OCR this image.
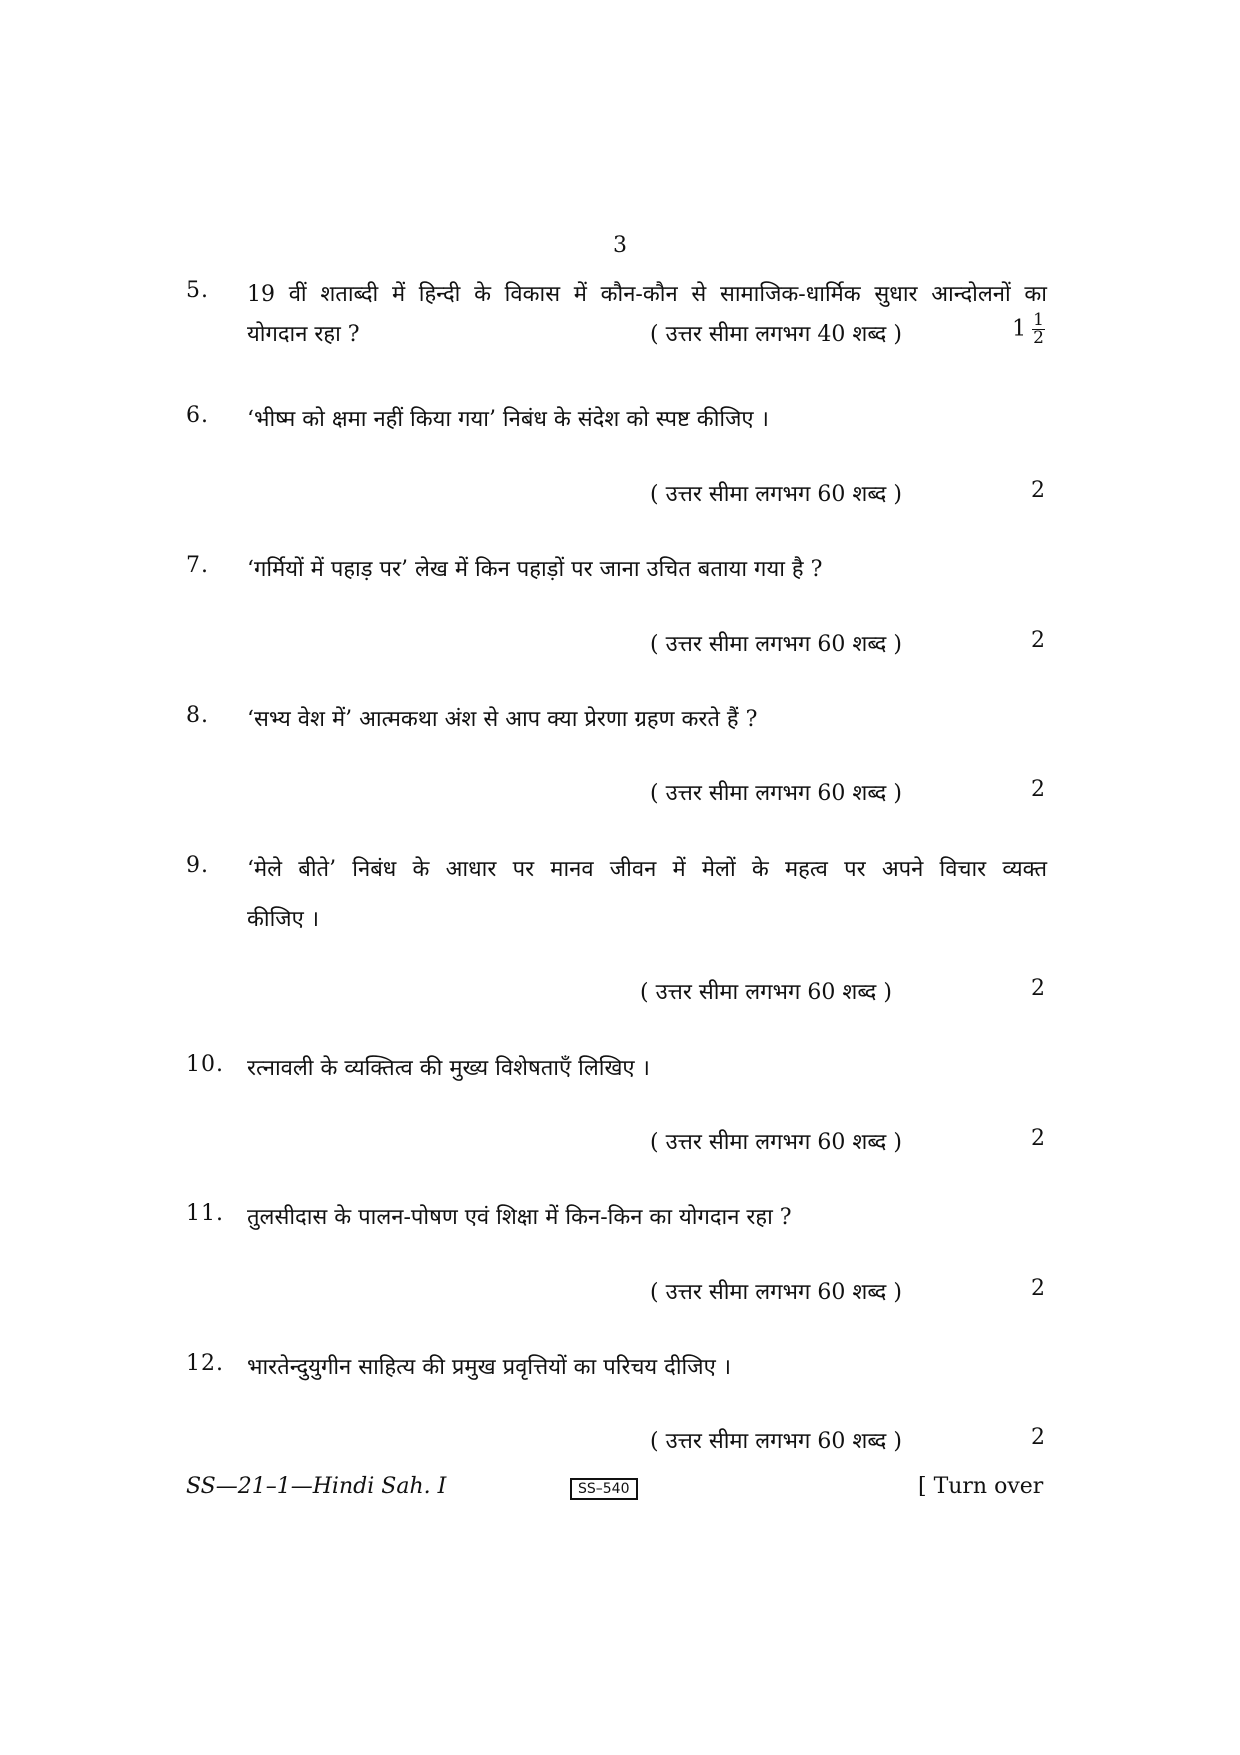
3
5. 19 वीं शताब्दी में हिन्दी के विकास में कौन-कौन से सामाजिक-धार्मिक सुधार आन्दोलनों का
योगदान रहा ?	( उत्तर सीमा लगभग 40 शब्द )	$1 \frac{1}{2}$
6. ‘भीष्म को क्षमा नहीं किया गया’ निबंध के संदेश को स्पष्ट कीजिए ।
( उत्तर सीमा लगभग 60 शब्द )	2
7. ‘गर्मियों में पहाड़ पर’ लेख में किन पहाड़ों पर जाना उचित बताया गया है ?
( उत्तर सीमा लगभग 60 शब्द )	2
8. ‘सभ्य वेश में’ आत्मकथा अंश से आप क्या प्रेरणा ग्रहण करते हैं ?
( उत्तर सीमा लगभग 60 शब्द )	2
9. ‘मेले बीते’ निबंध के आधार पर मानव जीवन में मेलों के महत्व पर अपने विचार व्यक्त
कीजिए ।
( उत्तर सीमा लगभग 60 शब्द )	2
10. रत्नावली के व्यक्तित्व की मुख्य विशेषताएँ लिखिए ।
( उत्तर सीमा लगभग 60 शब्द )	2
11. तुलसीदास के पालन-पोषण एवं शिक्षा में किन-किन का योगदान रहा ?
( उत्तर सीमा लगभग 60 शब्द )	2
12. भारतेन्दुयुगीन साहित्य की प्रमुख प्रवृत्तियों का परिचय दीजिए ।
( उत्तर सीमा लगभग 60 शब्द )	2
SS—21–1—Hindi Sah. I	SS–540	[ Turn over
